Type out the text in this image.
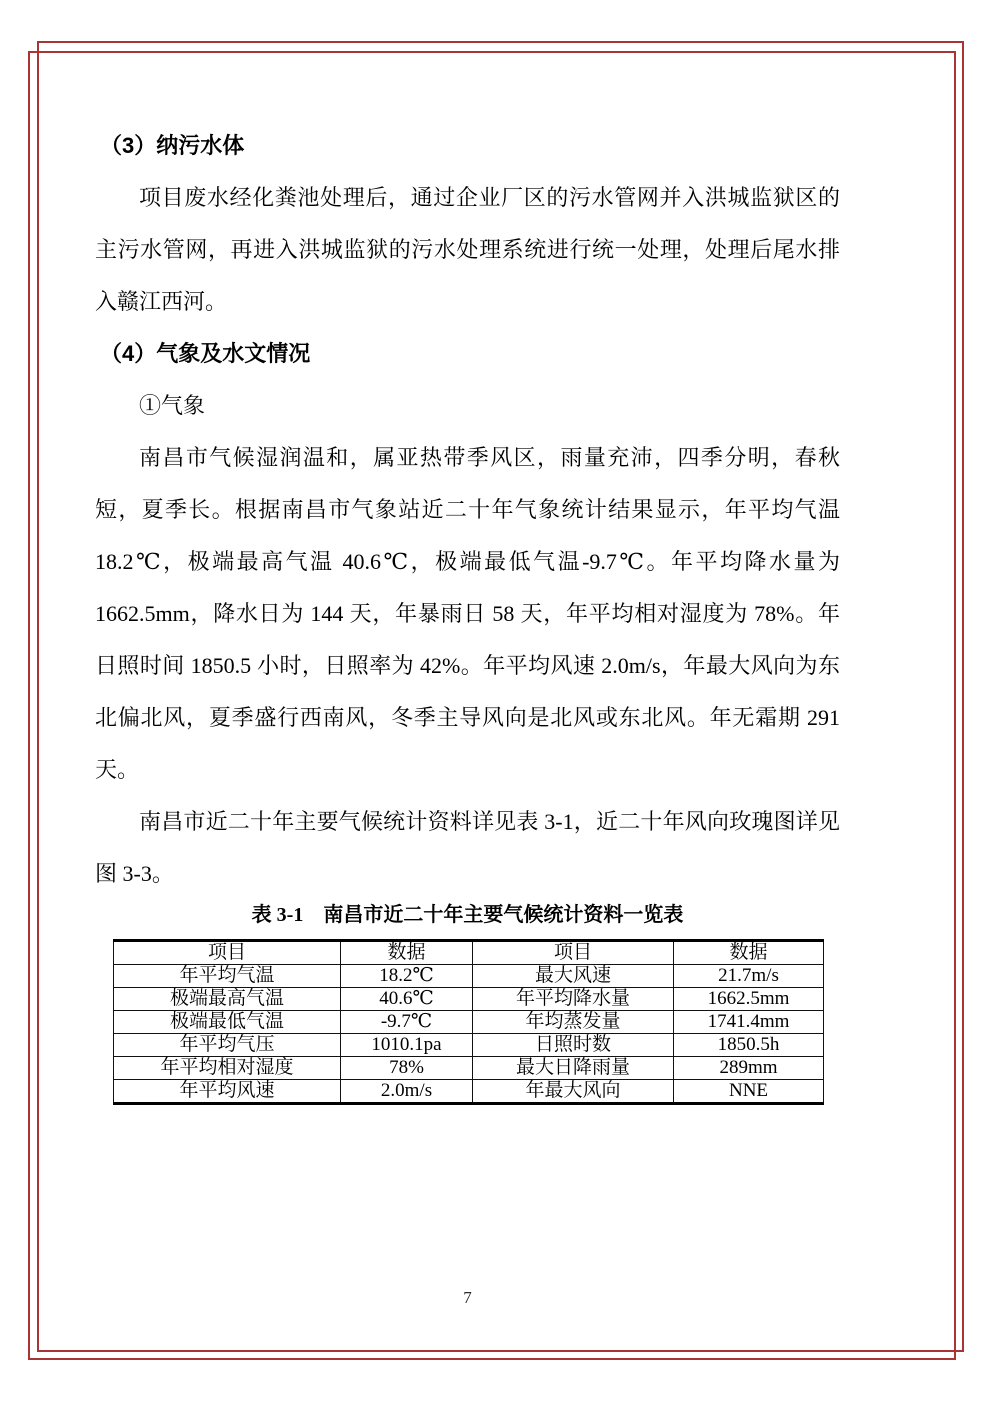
（3）纳污水体

项目废水经化粪池处理后，通过企业厂区的污水管网并入洪城监狱区的主污水管网，再进入洪城监狱的污水处理系统进行统一处理，处理后尾水排入赣江西河。

（4）气象及水文情况

①气象

南昌市气候湿润温和，属亚热带季风区，雨量充沛，四季分明，春秋短，夏季长。根据南昌市气象站近二十年气象统计结果显示，年平均气温 18.2℃，极端最高气温 40.6℃，极端最低气温-9.7℃。年平均降水量为 1662.5mm，降水日为 144 天，年暴雨日 58 天，年平均相对湿度为 78%。年日照时间 1850.5 小时，日照率为 42%。年平均风速 2.0m/s，年最大风向为东北偏北风，夏季盛行西南风，冬季主导风向是北风或东北风。年无霜期 291 天。

南昌市近二十年主要气候统计资料详见表 3-1，近二十年风向玫瑰图详见图 3-3。

表 3-1　南昌市近二十年主要气候统计资料一览表
项目	数据	项目	数据
年平均气温	18.2℃	最大风速	21.7m/s
极端最高气温	40.6℃	年平均降水量	1662.5mm
极端最低气温	-9.7℃	年均蒸发量	1741.4mm
年平均气压	1010.1pa	日照时数	1850.5h
年平均相对湿度	78%	最大日降雨量	289mm
年平均风速	2.0m/s	年最大风向	NNE
7
